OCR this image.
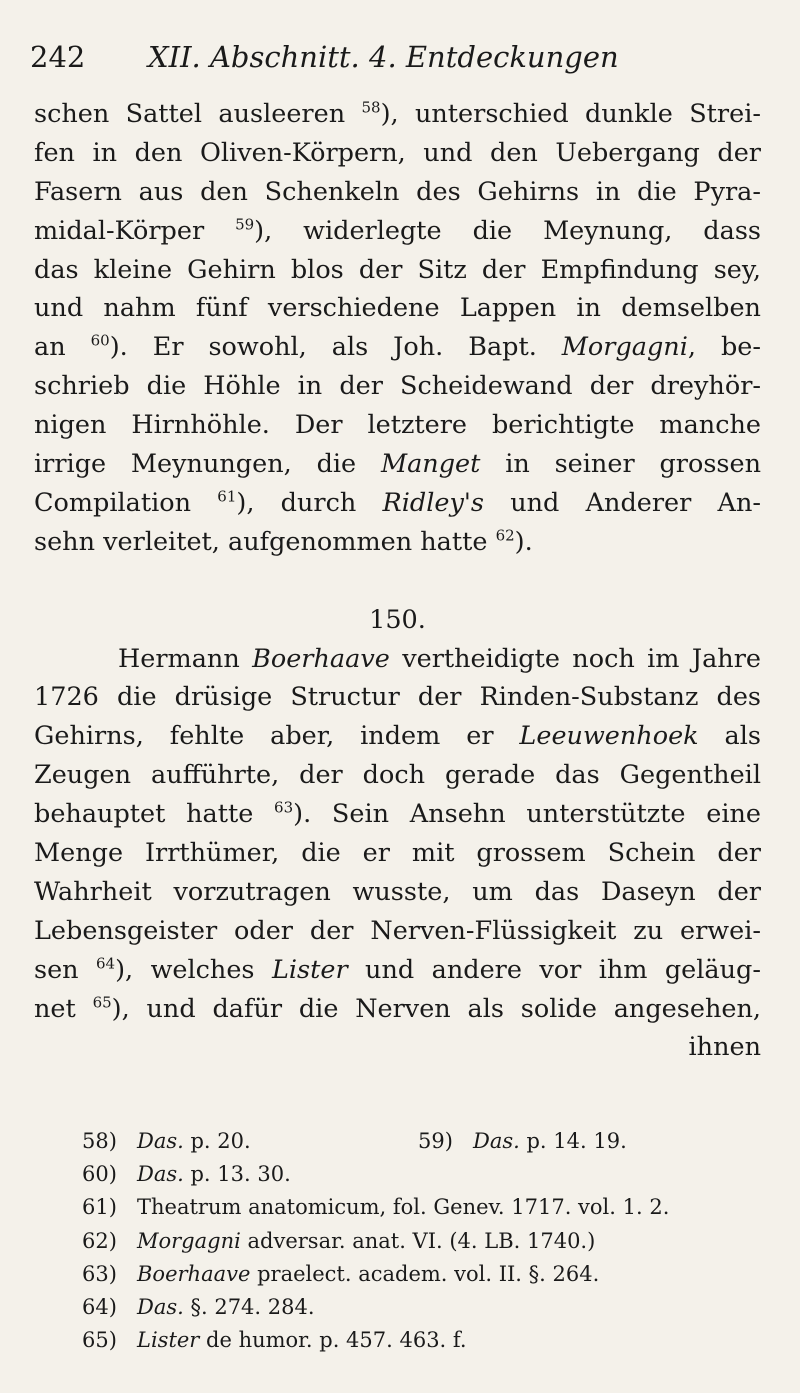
242 XII. Abschnitt. 4. Entdeckungen
schen Sattel ausleeren $^{58}$), unterschied dunkle Strei-
fen in den Oliven-Körpern, und den Uebergang der
Fasern aus den Schenkeln des Gehirns in die Pyra-
midal-Körper $^{59}$), widerlegte die Meynung, dass
das kleine Gehirn blos der Sitz der Empfindung sey,
und nahm fünf verschiedene Lappen in demselben
an $^{60}$). Er sowohl, als Joh. Bapt. Morgagni, be-
schrieb die Höhle in der Scheidewand der dreyhör-
nigen Hirnhöhle. Der letztere berichtigte manche
irrige Meynungen, die Manget in seiner grossen
Compilation $^{61}$), durch Ridley's und Anderer An-
sehn verleitet, aufgenommen hatte $^{62}$).
150.
Hermann Boerhaave vertheidigte noch im Jahre
1726 die drüsige Structur der Rinden-Substanz des
Gehirns, fehlte aber, indem er Leeuwenhoek als
Zeugen aufführte, der doch gerade das Gegentheil
behauptet hatte $^{63}$). Sein Ansehn unterstützte eine
Menge Irrthümer, die er mit grossem Schein der
Wahrheit vorzutragen wusste, um das Daseyn der
Lebensgeister oder der Nerven-Flüssigkeit zu erwei-
sen $^{64}$), welches Lister und andere vor ihm geläug-
net $^{65}$), und dafür die Nerven als solide angesehen,
ihnen
58) Das. p. 20.	59) Das. p. 14. 19.
60) Das. p. 13. 30.
61) Theatrum anatomicum, fol. Genev. 1717. vol. 1. 2.
62) Morgagni adversar. anat. VI. (4. LB. 1740.)
63) Boerhaave praelect. academ. vol. II. §. 264.
64) Das. §. 274. 284.
65) Lister de humor. p. 457. 463. f.
